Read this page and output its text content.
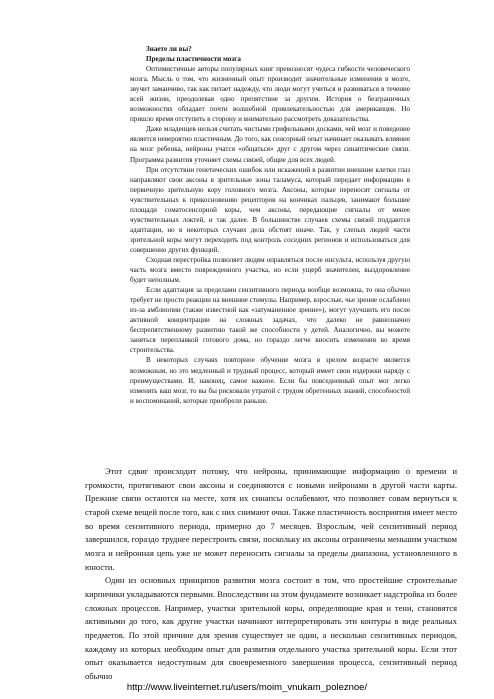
Знаете ли вы?

Пределы пластичности мозга

Оптимистичные авторы популярных книг превозносят чудеса гибкости человеческого мозга. Мысль о том, что жизненный опыт производит значительные изменения в мозге, звучит заманчиво, так как питает надежду, что люди могут учиться и развиваться в течение всей жизни, преодолевая одно препятствие за другим. История о безграничных возможностях обладает почти волшебной привлекательностью для американцев. Но пришло время отступить в сторону и внимательно рассмотреть доказательства.

Даже младенцев нельзя считать чистыми грифельными досками, чей мозг и поведение является невероятно пластичным. До того, как сенсорный опыт начинает оказывать влияние на мозг ребенка, нейроны учатся «общаться» друг с другом через синаптические связи. Программа развития уточняет схемы связей, общие для всех людей.

При отсутствии генетических ошибок или искажений в развитии внешние клетки глаз направляют свои аксоны в зрительные зоны таламуса, который передает информацию в первичную зрительную кору головного мозга. Аксоны, которые переносят сигналы от чувствительных к прикосновению рецепторов на кончиках пальцев, занимают большие площади соматосенсорной коры, чем аксоны, передающие сигналы от менее чувствительных локтей, и так далее. В большинстве случаев схемы связей поддаются адаптации, но в некоторых случаях дела обстоят иначе. Так, у слепых людей части зрительной коры могут переходить под контроль соседних регионов и использоваться для совершенно других функций.

Сходная перестройка позволяет людям оправляться после инсульта, используя другую часть мозга вместо поврежденного участка, но если ущерб значителен, выздоровление будет неполным.

Если адаптация за пределами сензитивного периода вообще возможна, то она обычно требует не просто реакции на внешние стимулы. Например, взрослые, чье зрение ослаблено из-за амблиопии (также известной как «затуманенное зрение»), могут улучшить его после активной концентрации на сложных задачах, что далеко не равнозначно беспрепятственному развитию такой же способности у детей. Аналогично, вы можете заняться переплавкой готового дома, но гораздо легче вносить изменения во время строительства.

В некоторых случаях повторное обучение мозга в зрелом возрасте является возможным, но это медленный и трудный процесс, который имеет свои издержки наряду с преимуществами. И, наконец, самое важное. Если бы повседневный опыт мог легко изменять ваш мозг, то вы бы рисковали утратой с трудом обретенных знаний, способностей и воспоминаний, которые приобрели раньше.

Этот сдвиг происходит потому, что нейроны, принимающие информацию о времени и громкости, протягивают свои аксоны и соединяются с новыми нейронами в другой части карты. Прежние связи остаются на месте, хотя их синапсы ослабевают, что позволяет совам вернуться к старой схеме вещей после того, как с них снимают очки. Также пластичность восприятия имеет место во время сензитивного периода, примерно до 7 месяцев. Взрослым, чей сензитивный период завершился, гораздо труднее перестроить связи, поскольку их аксоны ограничены меньшим участком мозга и нейронная цепь уже не может переносить сигналы за пределы диапазона, установленного в юности.

Один из основных принципов развития мозга состоит в том, что простейшие строительные кирпичики укладываются первыми. Впоследствии на этом фундаменте возникает надстройка из более сложных процессов. Например, участки зрительной коры, определяющие края и тени, становятся активными до того, как другие участки начинают интерпретировать эти контуры в виде реальных предметов. По этой причине для зрения существует не один, а несколько сензитивных периодов, каждому из которых необходим опыт для развития отдельного участка зрительной коры. Если этот опыт оказывается недоступным для своевременного завершения процесса, сензитивный период обычно

http://www.liveinternet.ru/users/moim_vnukam_poleznoe/
